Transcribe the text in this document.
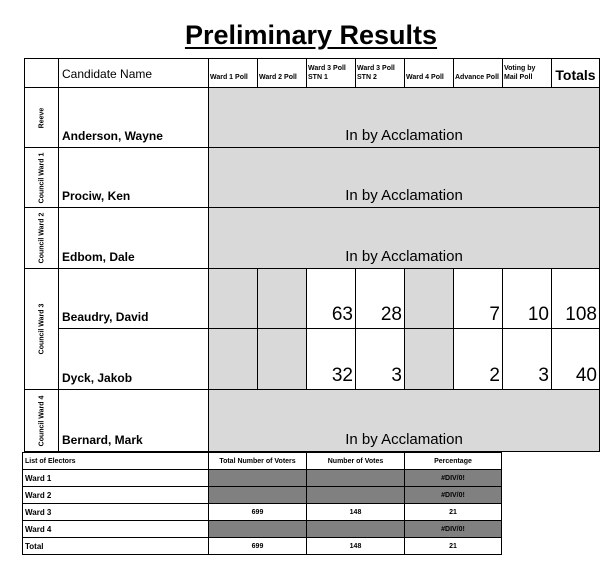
Preliminary Results
	Candidate Name	Ward 1 Poll	Ward 2 Poll	Ward 3 Poll STN 1	Ward 3 Poll STN 2	Ward 4 Poll	Advance Poll	Voting by Mail Poll	Totals

Reeve	Anderson, Wayne	In by Acclamation							

Council Ward 1	Prociw, Ken	In by Acclamation							

Council Ward 2	Edbom, Dale	In by Acclamation							

Council Ward 3	Beaudry, David			63	28		7	10	108
	Dyck, Jakob			32	3		2	3	40

Council Ward 4	Bernard, Mark	In by Acclamation							
List of Electors	Total Number of Voters	Number of Votes	Percentage
Ward 1			#DIV/0!
Ward 2			#DIV/0!
Ward 3	699	148	21
Ward 4			#DIV/0!
Total	699	148	21
